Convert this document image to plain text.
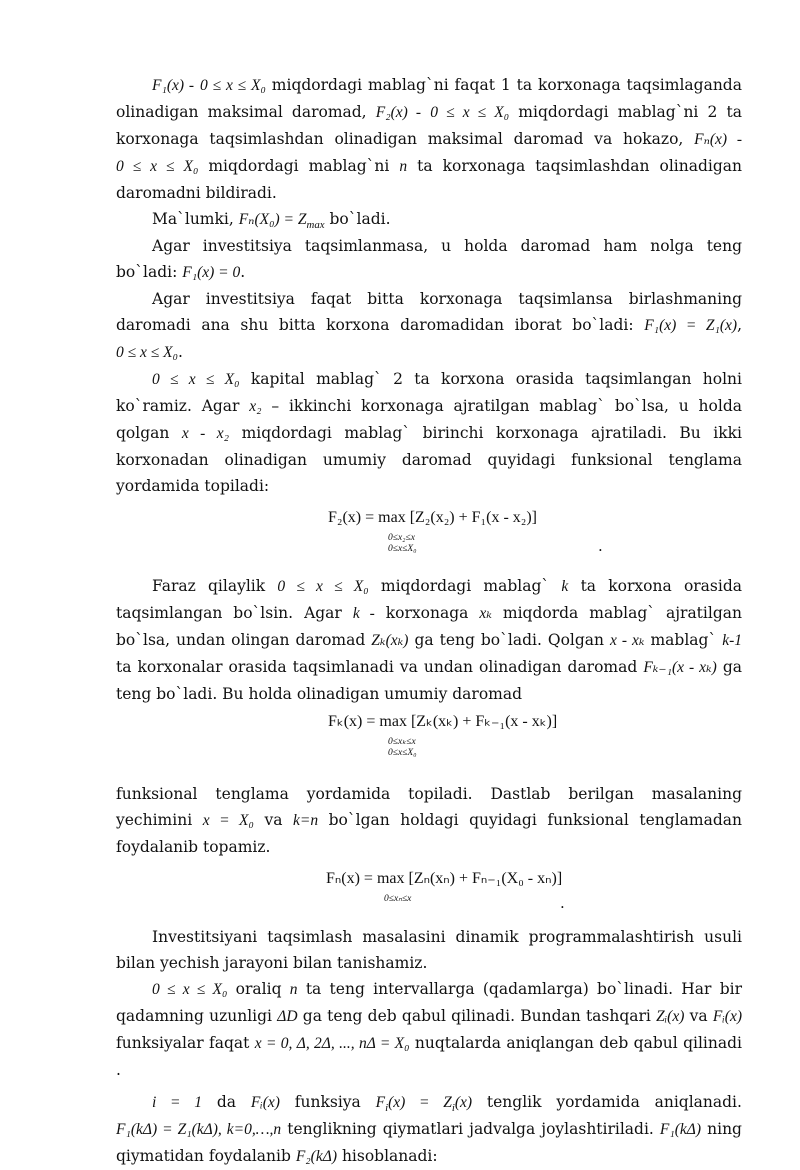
F₁(x) - 0 ≤ x ≤ X₀ miqdordagi mablag`ni faqat 1 ta korxonaga taqsimlaganda olinadigan maksimal daromad, F₂(x) - 0 ≤ x ≤ X₀ miqdordagi mablag`ni 2 ta korxonaga taqsimlashdan olinadigan maksimal daromad va hokazo, Fₙ(x) - 0 ≤ x ≤ X₀ miqdordagi mablag`ni n ta korxonaga taqsimlashdan olinadigan daromadni bildiradi.

Ma`lumki, $F_n(X_0) = Z_{max}$ bo`ladi.

Agar investitsiya taqsimlanmasa, u holda daromad ham nolga teng bo`ladi: F₁(x) = 0.

Agar investitsiya faqat bitta korxonaga taqsimlansa birlashmaning daromadi ana shu bitta korxona daromadidan iborat bo`ladi: F₁(x) = Z₁(x), 0 ≤ x ≤ X₀.

0 ≤ x ≤ X₀ kapital mablag` 2 ta korxona orasida taqsimlangan holni ko`ramiz. Agar x₂ – ikkinchi korxonaga ajratilgan mablag` bo`lsa, u holda qolgan x - x₂ miqdordagi mablag` birinchi korxonaga ajratiladi. Bu ikki korxonadan olinadigan umumiy daromad quyidagi funksional tenglama yordamida topiladi:

F₂(x) = max [Z₂(x₂) + F₁(x - x₂)]
0≤x₂≤x
0≤x≤X₀	.

Faraz qilaylik 0 ≤ x ≤ X₀ miqdordagi mablag` k ta korxona orasida taqsimlangan bo`lsin. Agar k - korxonaga xₖ miqdorda mablag` ajratilgan bo`lsa, undan olingan daromad Zₖ(xₖ) ga teng bo`ladi. Qolgan x - xₖ mablag` k-1 ta korxonalar orasida taqsimlanadi va undan olinadigan daromad Fₖ₋₁(x - xₖ) ga teng bo`ladi. Bu holda olinadigan umumiy daromad

Fₖ(x) = max [Zₖ(xₖ) + Fₖ₋₁(x - xₖ)]
0≤xₖ≤x
0≤x≤X₀

funksional tenglama yordamida topiladi. Dastlab berilgan masalaning yechimini x = X₀ va k=n bo`lgan holdagi quyidagi funksional tenglamadan foydalanib topamiz.

Fₙ(x) = max [Zₙ(xₙ) + Fₙ₋₁(X₀ - xₙ)]
0≤xₙ≤x	.

Investitsiyani taqsimlash masalasini dinamik programmalashtirish usuli bilan yechish jarayoni bilan tanishamiz.

0 ≤ x ≤ X₀ oraliq n ta teng intervallarga (qadamlarga) bo`linadi. Har bir qadamning uzunligi ΔD ga teng deb qabul qilinadi. Bundan tashqari Zᵢ(x) va Fᵢ(x) funksiyalar faqat x = 0, Δ, 2Δ, ..., nΔ = X₀ nuqtalarda aniqlangan deb qabul qilinadi .

i = 1 da Fᵢ(x) funksiya $F_i(x) = Z_i(x)$ tenglik yordamida aniqlanadi. F₁(kΔ) = Z₁(kΔ), k=0,…,n tenglikning qiymatlari jadvalga joylashtiriladi. F₁(kΔ) ning qiymatidan foydalanib F₂(kΔ) hisoblanadi:
